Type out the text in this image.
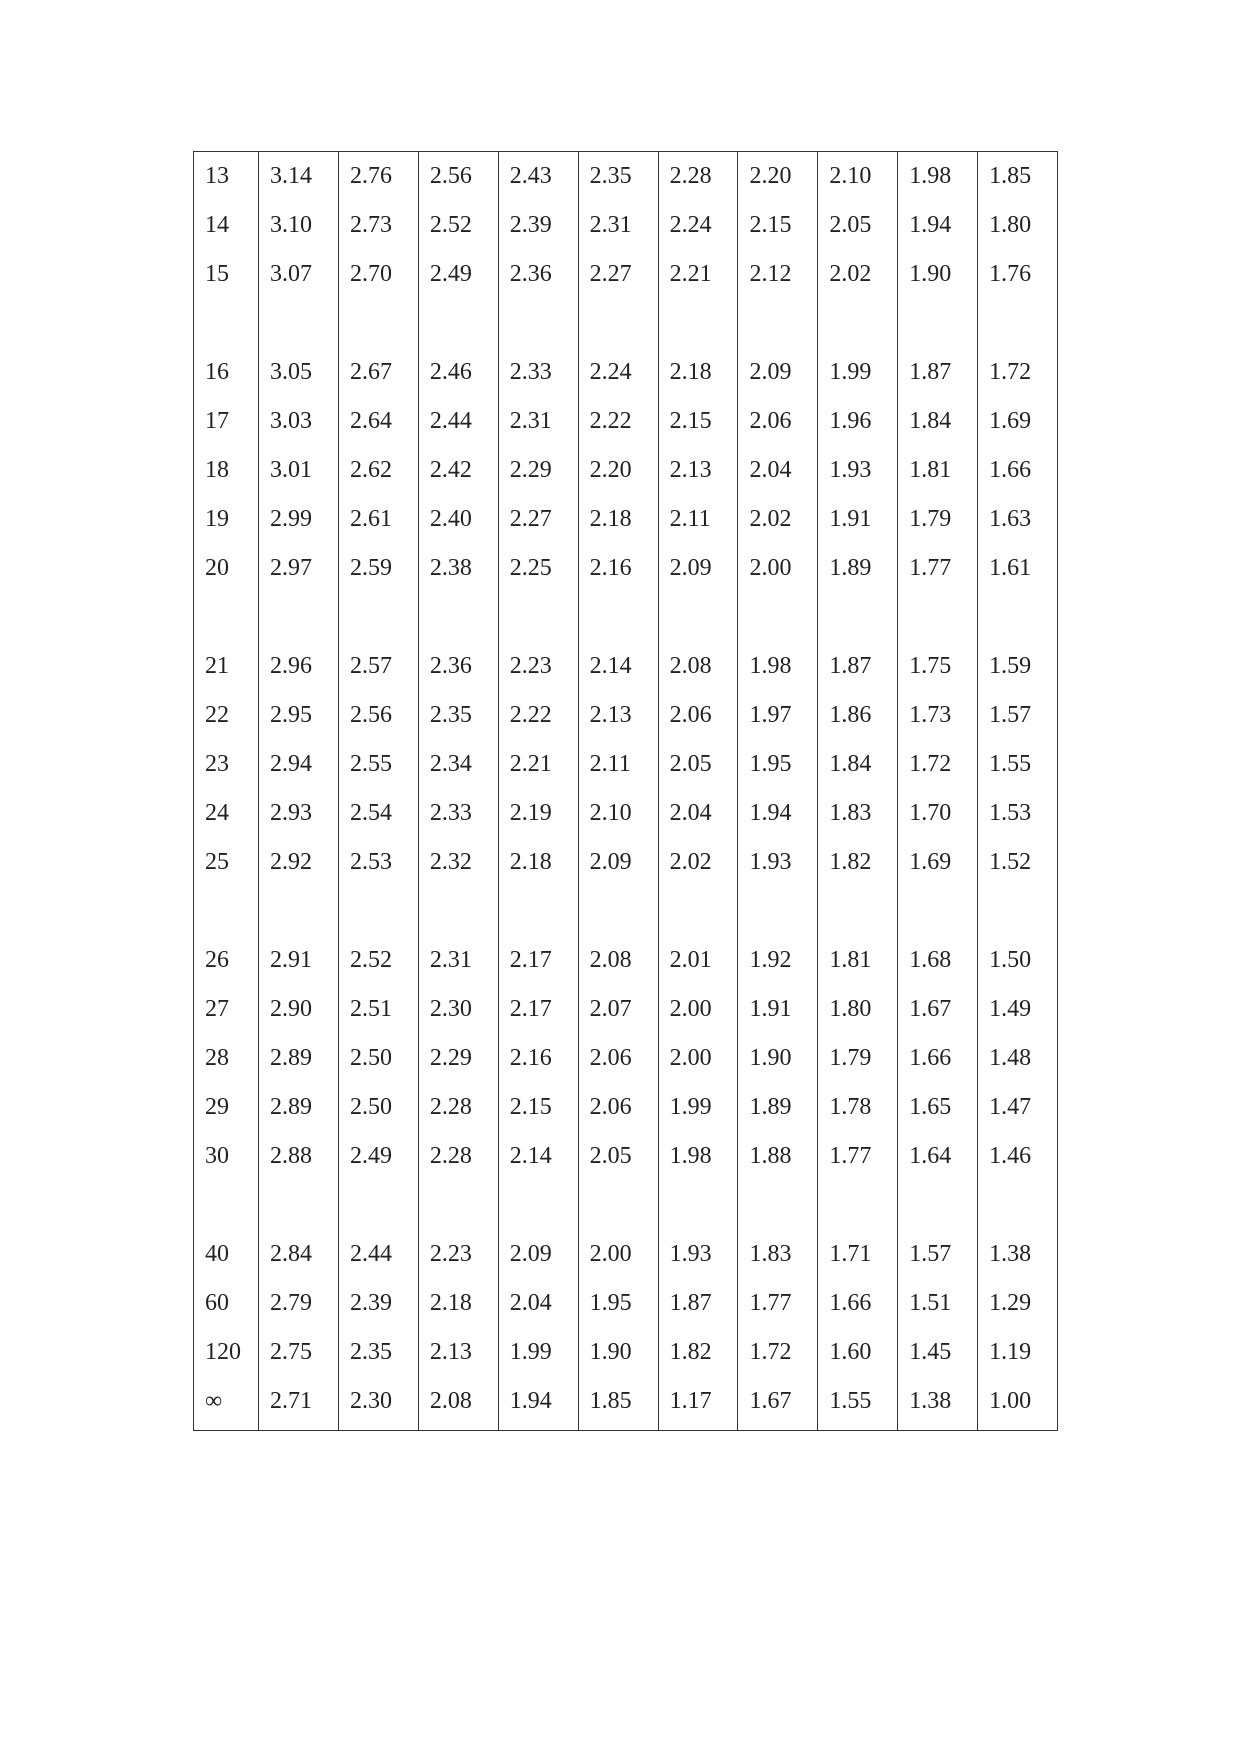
13	3.14	2.76	2.56	2.43	2.35	2.28	2.20	2.10	1.98	1.85
14	3.10	2.73	2.52	2.39	2.31	2.24	2.15	2.05	1.94	1.80
15	3.07	2.70	2.49	2.36	2.27	2.21	2.12	2.02	1.90	1.76

16	3.05	2.67	2.46	2.33	2.24	2.18	2.09	1.99	1.87	1.72
17	3.03	2.64	2.44	2.31	2.22	2.15	2.06	1.96	1.84	1.69
18	3.01	2.62	2.42	2.29	2.20	2.13	2.04	1.93	1.81	1.66
19	2.99	2.61	2.40	2.27	2.18	2.11	2.02	1.91	1.79	1.63
20	2.97	2.59	2.38	2.25	2.16	2.09	2.00	1.89	1.77	1.61

21	2.96	2.57	2.36	2.23	2.14	2.08	1.98	1.87	1.75	1.59
22	2.95	2.56	2.35	2.22	2.13	2.06	1.97	1.86	1.73	1.57
23	2.94	2.55	2.34	2.21	2.11	2.05	1.95	1.84	1.72	1.55
24	2.93	2.54	2.33	2.19	2.10	2.04	1.94	1.83	1.70	1.53
25	2.92	2.53	2.32	2.18	2.09	2.02	1.93	1.82	1.69	1.52

26	2.91	2.52	2.31	2.17	2.08	2.01	1.92	1.81	1.68	1.50
27	2.90	2.51	2.30	2.17	2.07	2.00	1.91	1.80	1.67	1.49
28	2.89	2.50	2.29	2.16	2.06	2.00	1.90	1.79	1.66	1.48
29	2.89	2.50	2.28	2.15	2.06	1.99	1.89	1.78	1.65	1.47
30	2.88	2.49	2.28	2.14	2.05	1.98	1.88	1.77	1.64	1.46

40	2.84	2.44	2.23	2.09	2.00	1.93	1.83	1.71	1.57	1.38
60	2.79	2.39	2.18	2.04	1.95	1.87	1.77	1.66	1.51	1.29
120	2.75	2.35	2.13	1.99	1.90	1.82	1.72	1.60	1.45	1.19
∞	2.71	2.30	2.08	1.94	1.85	1.17	1.67	1.55	1.38	1.00
